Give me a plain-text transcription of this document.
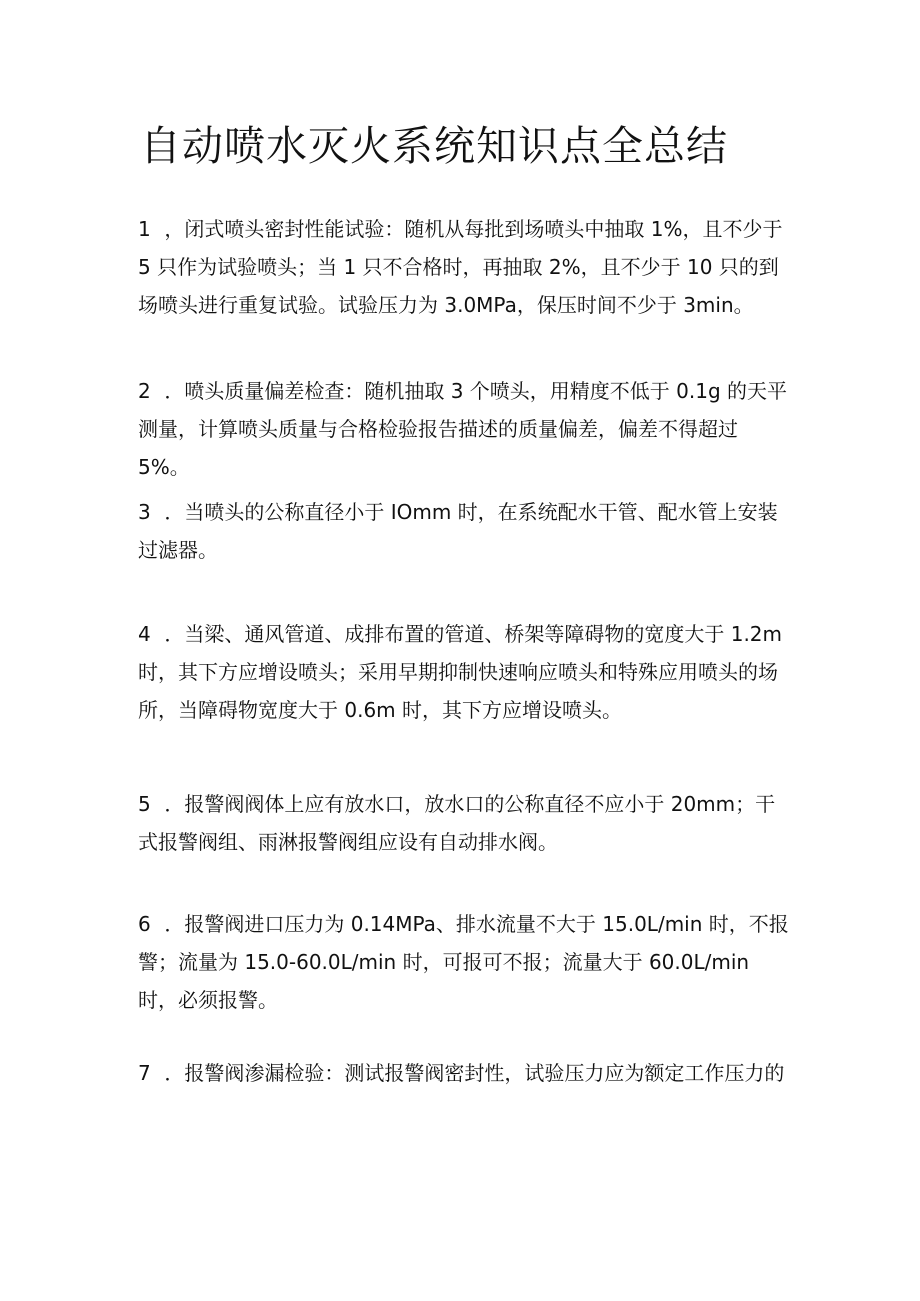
自动喷水灭火系统知识点全总结

1 ，闭式喷头密封性能试验：随机从每批到场喷头中抽取 1%，且不少于 5 只作为试验喷头；当 1 只不合格时，再抽取 2%，且不少于 10 只的到场喷头进行重复试验。试验压力为 3.0MPa，保压时间不少于 3min。

2 ．喷头质量偏差检查：随机抽取 3 个喷头，用精度不低于 0.1g 的天平测量，计算喷头质量与合格检验报告描述的质量偏差，偏差不得超过 5%。

3 ．当喷头的公称直径小于 IOmm 时，在系统配水干管、配水管上安装过滤器。

4 ．当梁、通风管道、成排布置的管道、桥架等障碍物的宽度大于 1.2m 时，其下方应增设喷头；采用早期抑制快速响应喷头和特殊应用喷头的场所，当障碍物宽度大于 0.6m 时，其下方应增设喷头。

5 ．报警阀阀体上应有放水口，放水口的公称直径不应小于 20mm；干式报警阀组、雨淋报警阀组应设有自动排水阀。

6 ．报警阀进口压力为 0.14MPa、排水流量不大于 15.0L/min 时，不报警；流量为 15.0-60.0L/min 时，可报可不报；流量大于 60.0L/min 时，必须报警。

7 ．报警阀渗漏检验：测试报警阀密封性，试验压力应为额定工作压力的
